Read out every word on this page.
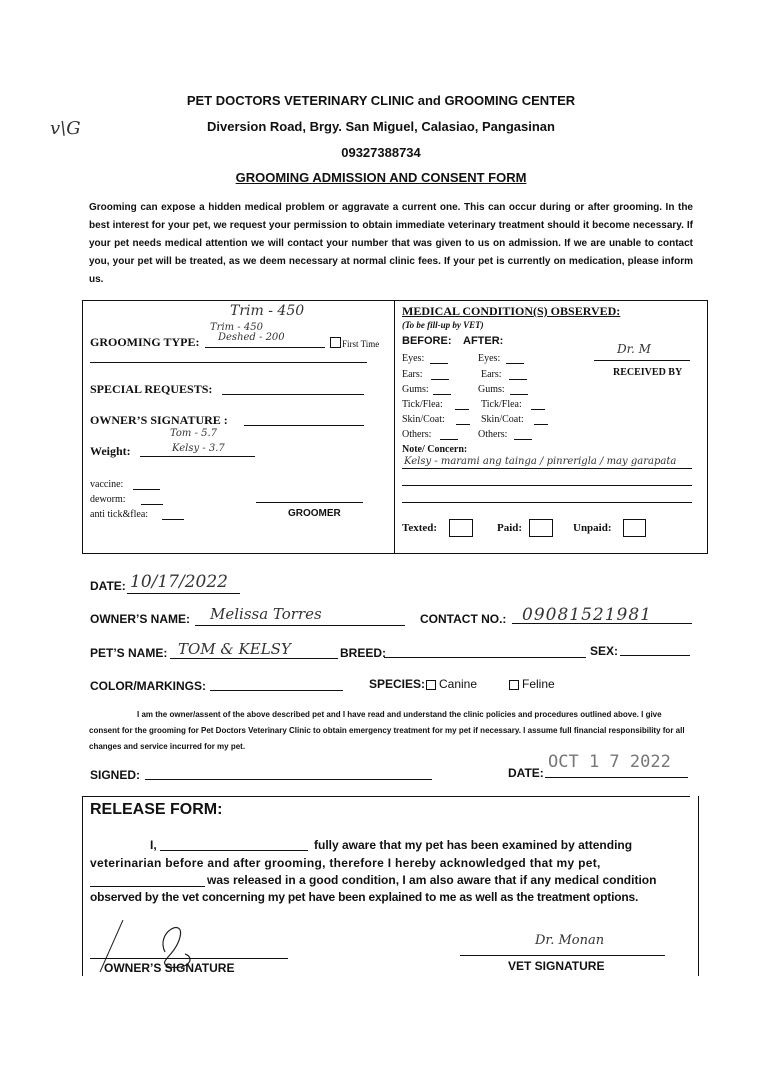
v\G
PET DOCTORS VETERINARY CLINIC and GROOMING CENTER
Diversion Road, Brgy. San Miguel, Calasiao, Pangasinan
09327388734
GROOMING ADMISSION AND CONSENT FORM
Grooming can expose a hidden medical problem or aggravate a current one. This can occur during or after grooming. In the best interest for your pet, we request your permission to obtain immediate veterinary treatment should it become necessary. If your pet needs medical attention we will contact your number that was given to us on admission. If we are unable to contact you, your pet will be treated, as we deem necessary at normal clinic fees. If your pet is currently on medication, please inform us.
Trim - 450
Trim - 450
Deshed - 200
GROOMING TYPE:	First Time
SPECIAL REQUESTS:
OWNER’S SIGNATURE :
Tom - 5.7
Kelsy - 3.7
Weight:
vaccine:
deworm:
anti tick&flea:	GROOMER
MEDICAL CONDITION(S) OBSERVED:
(To be fill-up by VET)
BEFORE: AFTER:
Eyes:	Eyes:
Ears:	Ears:
Gums:	Gums:
Tick/Flea:	Tick/Flea:
Skin/Coat:	Skin/Coat:
Others:	Others:
Dr. M
RECEIVED BY
Note/ Concern:
Kelsy - marami ang tainga / pinrerigla / may garapata
Texted:	Paid:	Unpaid:
DATE: 10/17/2022
OWNER’S NAME: Melissa Torres	CONTACT NO.: 09081521981
PET’S NAME: TOM & KELSY	BREED:	SEX:
COLOR/MARKINGS:	SPECIES:	Canine	Feline
I am the owner/assent of the above described pet and I have read and understand the clinic policies and procedures outlined above. I give consent for the grooming for Pet Doctors Veterinary Clinic to obtain emergency treatment for my pet if necessary. I assume full financial responsibility for all changes and service incurred for my pet.
SIGNED:	DATE:
OCT 1 7 2022
RELEASE FORM:
I,	fully aware that my pet has been examined by attending
veterinarian before and after grooming, therefore I hereby acknowledged that my pet,
was released in a good condition, I am also aware that if any medical condition
observed by the vet concerning my pet have been explained to me as well as the treatment options.
OWNER’S SIGNATURE
Dr. Monan
VET SIGNATURE
